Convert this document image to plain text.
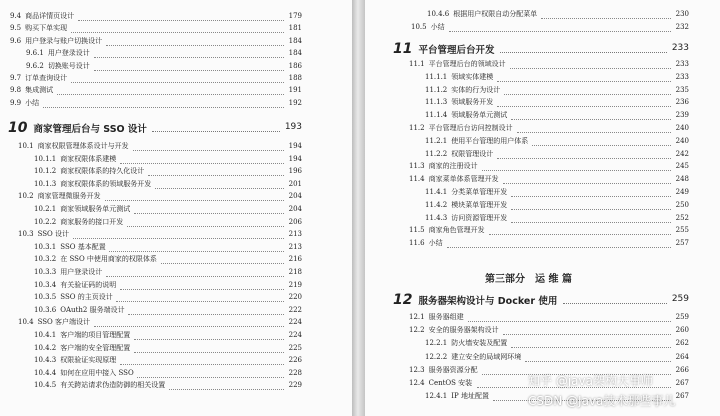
9.4 商品详情页设计	179
9.5 购买下单实现	181
9.6 用户登录与账户切换设计	184
9.6.1 用户登录设计	184
9.6.2 切换账号设计	186
9.7 订单查询设计	188
9.8 集成测试	191
9.9 小结	192
10 商家管理后台与 SSO 设计	193
10.1 商家权限管理体系设计与开发	194
10.1.1 商家权限体系建模	194
10.1.2 商家权限体系的持久化设计	196
10.1.3 商家权限体系的领域服务开发	201
10.2 商家管理微服务开发	204
10.2.1 商家领域服务单元测试	204
10.2.2 商家服务的接口开发	206
10.3 SSO 设计	213
10.3.1 SSO 基本配置	213
10.3.2 在 SSO 中使用商家的权限体系	216
10.3.3 用户登录设计	218
10.3.4 有关验证码的说明	219
10.3.5 SSO 的主页设计	220
10.3.6 OAuth2 服务端设计	222
10.4 SSO 客户端设计	224
10.4.1 客户端的项目管理配置	224
10.4.2 客户端的安全管理配置	225
10.4.3 权限验证实现原理	226
10.4.4 如何在应用中接入 SSO	228
10.4.5 有关跨站请求伪造防御的相关设置	229
第三部分　运 维 篇
10.4.6 根据用户权限自动分配菜单	230
10.5 小结	232
11 平台管理后台开发	233
11.1 平台管理后台的领域设计	233
11.1.1 领域实体建模	233
11.1.2 实体的行为设计	235
11.1.3 领域服务开发	236
11.1.4 领域服务单元测试	239
11.2 平台管理后台访问控制设计	240
11.2.1 使用平台管理的用户体系	240
11.2.2 权限管理设计	242
11.3 商家的注册设计	245
11.4 商家菜单体系管理开发	248
11.4.1 分类菜单管理开发	249
11.4.2 模块菜单管理开发	250
11.4.3 访问资源管理开发	252
11.5 商家角色管理开发	255
11.6 小结	257
12 服务器架构设计与 Docker 使用	259
12.1 服务器组建	259
12.2 安全的服务器架构设计	260
12.2.1 防火墙安装及配置	262
12.2.2 建立安全的局域网环境	264
12.3 服务器资源分配	266
12.4 CentOS 安装	267
12.4.1 IP 地址配置	267
知乎 @java架构大事师
CSDN @Java技术那些事儿
